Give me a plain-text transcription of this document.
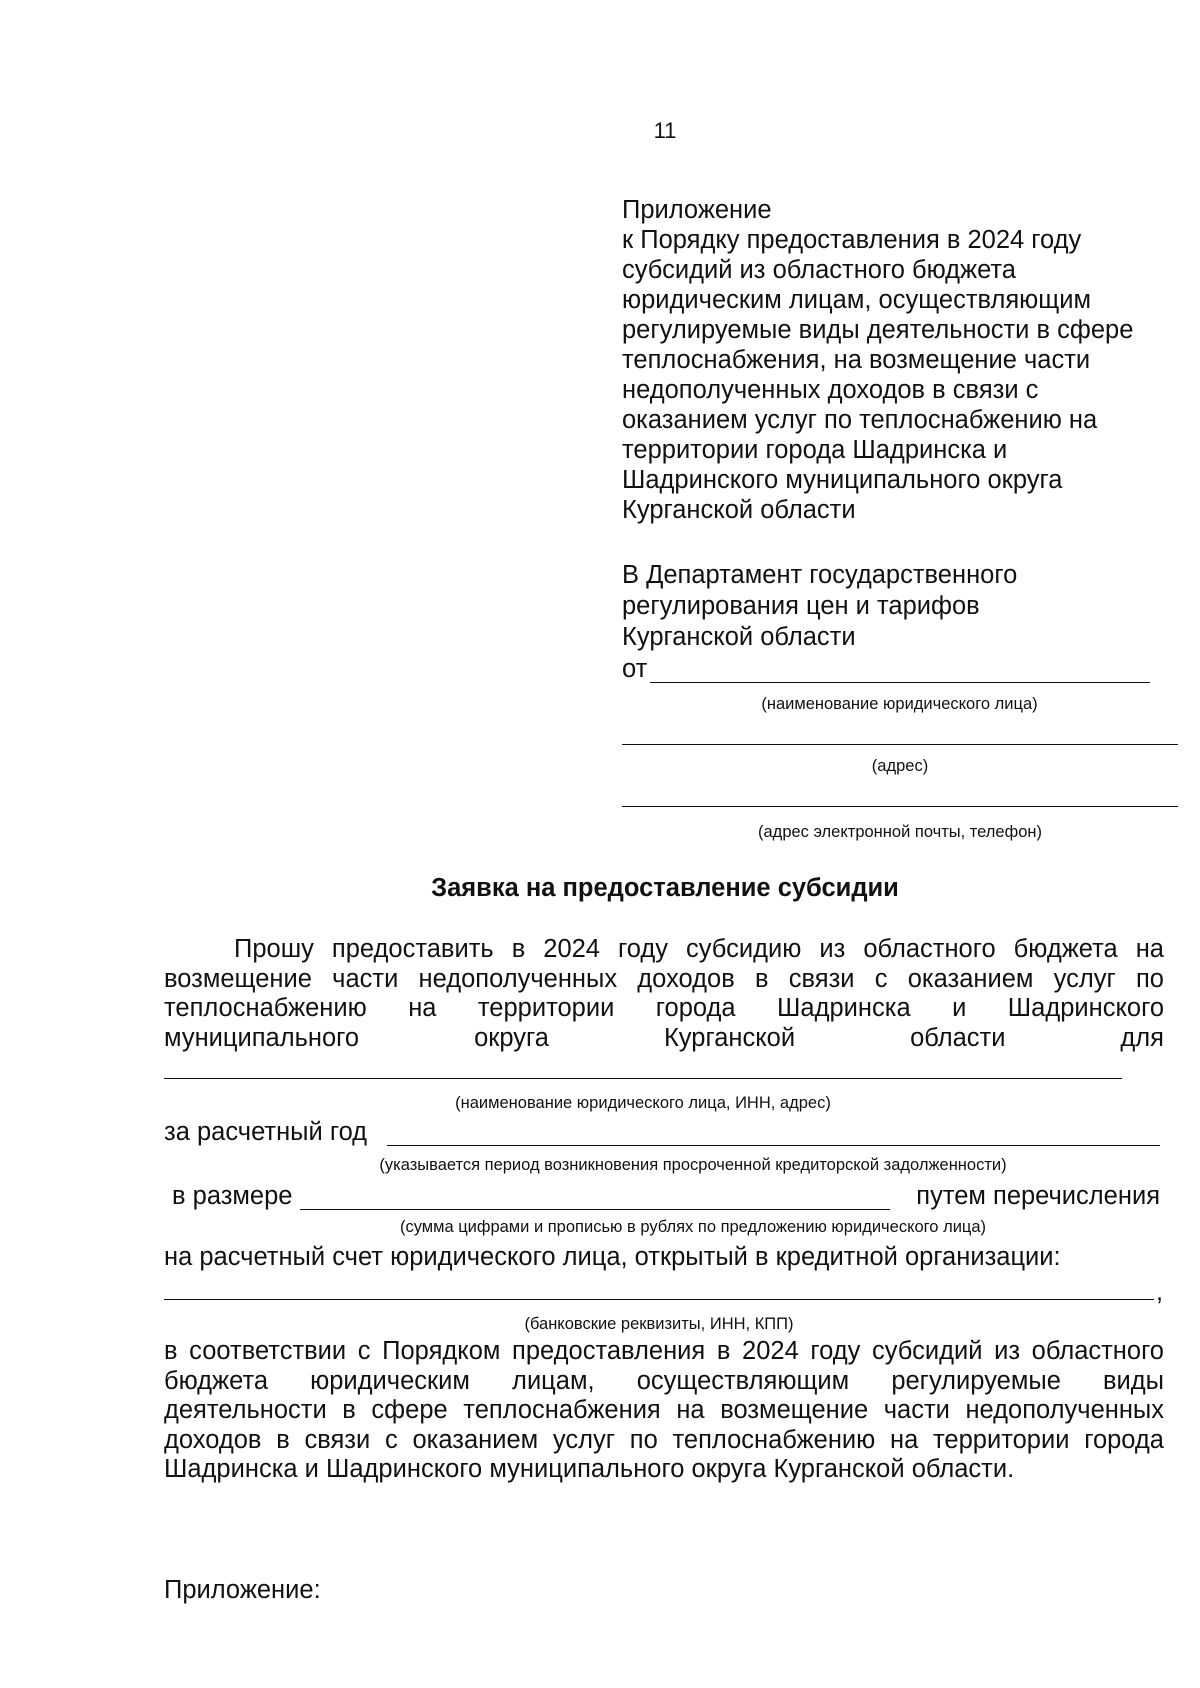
11
Приложение
к Порядку предоставления в 2024 году
субсидий из областного бюджета
юридическим лицам, осуществляющим
регулируемые виды деятельности в сфере
теплоснабжения, на возмещение части
недополученных доходов в связи с
оказанием услуг по теплоснабжению на
территории города Шадринска и
Шадринского муниципального округа
Курганской области
В Департамент государственного
регулирования цен и тарифов
Курганской области
от
(наименование юридического лица)
(адрес)
(адрес электронной почты, телефон)
Заявка на предоставление субсидии
Прошу предоставить в 2024 году субсидию из областного бюджета на
возмещение части недополученных доходов в связи с оказанием услуг по
теплоснабжению на территории города Шадринска и Шадринского
муниципального округа Курганской области для
(наименование юридического лица, ИНН, адрес)
за расчетный год
(указывается период возникновения просроченной кредиторской задолженности)
в размере	путем перечисления
(сумма цифрами и прописью в рублях по предложению юридического лица)
на расчетный счет юридического лица, открытый в кредитной организации:
,
(банковские реквизиты, ИНН, КПП)
в соответствии с Порядком предоставления в 2024 году субсидий из областного
бюджета юридическим лицам, осуществляющим регулируемые виды
деятельности в сфере теплоснабжения на возмещение части недополученных
доходов в связи с оказанием услуг по теплоснабжению на территории города
Шадринска и Шадринского муниципального округа Курганской области.
Приложение:
